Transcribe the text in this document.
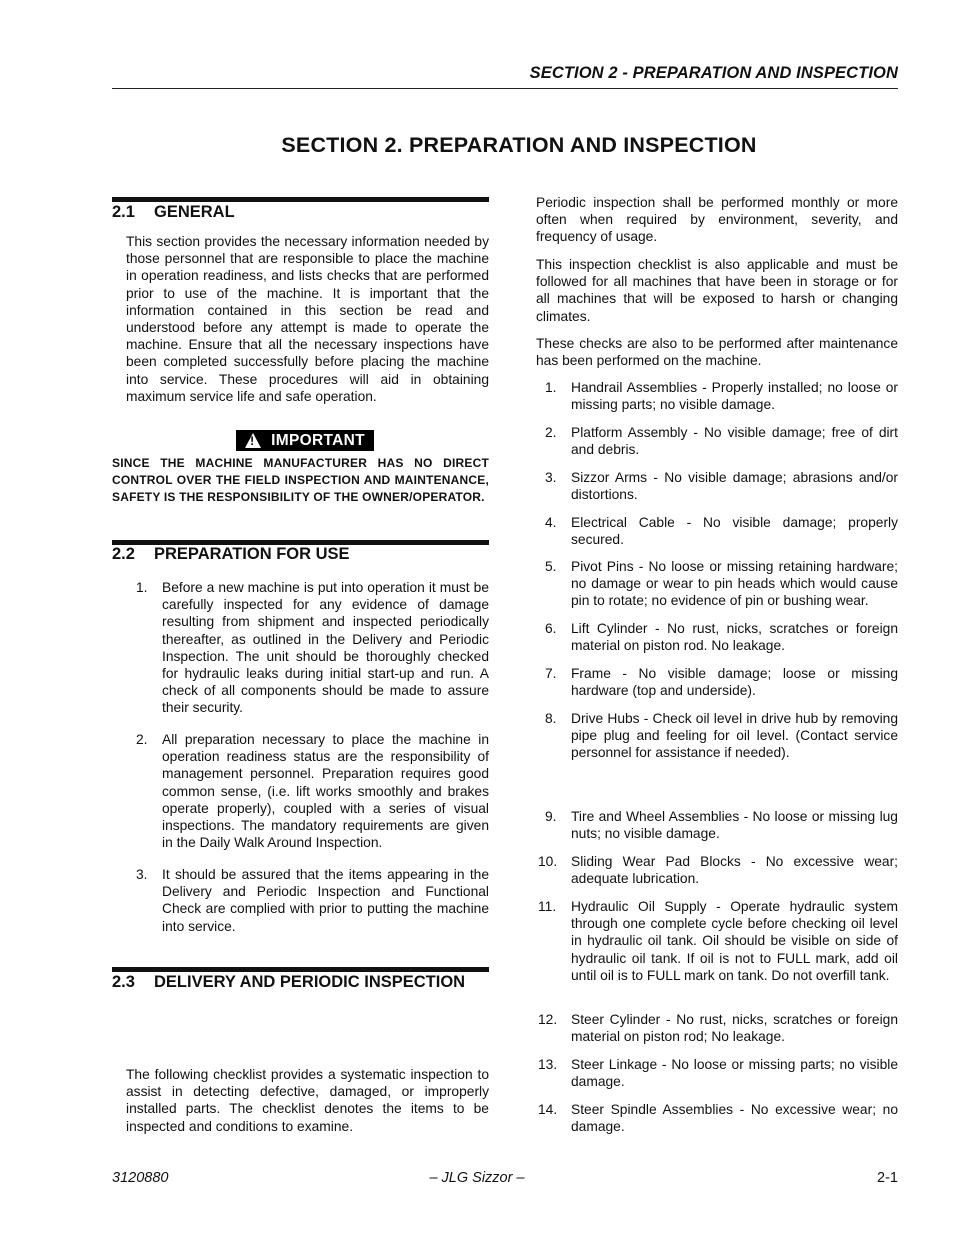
SECTION 2 - PREPARATION AND INSPECTION
SECTION 2. PREPARATION AND INSPECTION
2.1 GENERAL

This section provides the necessary information needed by those personnel that are responsible to place the machine in operation readiness, and lists checks that are performed prior to use of the machine. It is important that the information contained in this section be read and understood before any attempt is made to operate the machine. Ensure that all the necessary inspections have been completed successfully before placing the machine into service. These procedures will aid in obtaining maximum service life and safe operation.

!
IMPORTANT
SINCE THE MACHINE MANUFACTURER HAS NO DIRECT CONTROL OVER THE FIELD INSPECTION AND MAINTENANCE, SAFETY IS THE RESPONSIBILITY OF THE OWNER/OPERATOR.
2.2 PREPARATION FOR USE
1. Before a new machine is put into operation it must be carefully inspected for any evidence of damage resulting from shipment and inspected periodically thereafter, as outlined in the Delivery and Periodic Inspection. The unit should be thoroughly checked for hydraulic leaks during initial start-up and run. A check of all components should be made to assure their security.

2. All preparation necessary to place the machine in operation readiness status are the responsibility of management personnel. Preparation requires good common sense, (i.e. lift works smoothly and brakes operate properly), coupled with a series of visual inspections. The mandatory requirements are given in the Daily Walk Around Inspection.

3. It should be assured that the items appearing in the Delivery and Periodic Inspection and Functional Check are complied with prior to putting the machine into service.

2.3 DELIVERY AND PERIODIC INSPECTION

The following checklist provides a systematic inspection to assist in detecting defective, damaged, or improperly installed parts. The checklist denotes the items to be inspected and conditions to examine.

Periodic inspection shall be performed monthly or more often when required by environment, severity, and frequency of usage.

This inspection checklist is also applicable and must be followed for all machines that have been in storage or for all machines that will be exposed to harsh or changing climates.

These checks are also to be performed after maintenance has been performed on the machine.

1. Handrail Assemblies - Properly installed; no loose or missing parts; no visible damage.

2. Platform Assembly - No visible damage; free of dirt and debris.

3. Sizzor Arms - No visible damage; abrasions and/or distortions.

4. Electrical Cable - No visible damage; properly secured.

5. Pivot Pins - No loose or missing retaining hardware; no damage or wear to pin heads which would cause pin to rotate; no evidence of pin or bushing wear.

6. Lift Cylinder - No rust, nicks, scratches or foreign material on piston rod. No leakage.

7. Frame - No visible damage; loose or missing hardware (top and underside).

8. Drive Hubs - Check oil level in drive hub by removing pipe plug and feeling for oil level. (Contact service personnel for assistance if needed).

9. Tire and Wheel Assemblies - No loose or missing lug nuts; no visible damage.

10. Sliding Wear Pad Blocks - No excessive wear; adequate lubrication.

11. Hydraulic Oil Supply - Operate hydraulic system through one complete cycle before checking oil level in hydraulic oil tank. Oil should be visible on side of hydraulic oil tank. If oil is not to FULL mark, add oil until oil is to FULL mark on tank. Do not overfill tank.

12. Steer Cylinder - No rust, nicks, scratches or foreign material on piston rod; No leakage.

13. Steer Linkage - No loose or missing parts; no visible damage.

14. Steer Spindle Assemblies - No excessive wear; no damage.

3120880	– JLG Sizzor –	2-1
